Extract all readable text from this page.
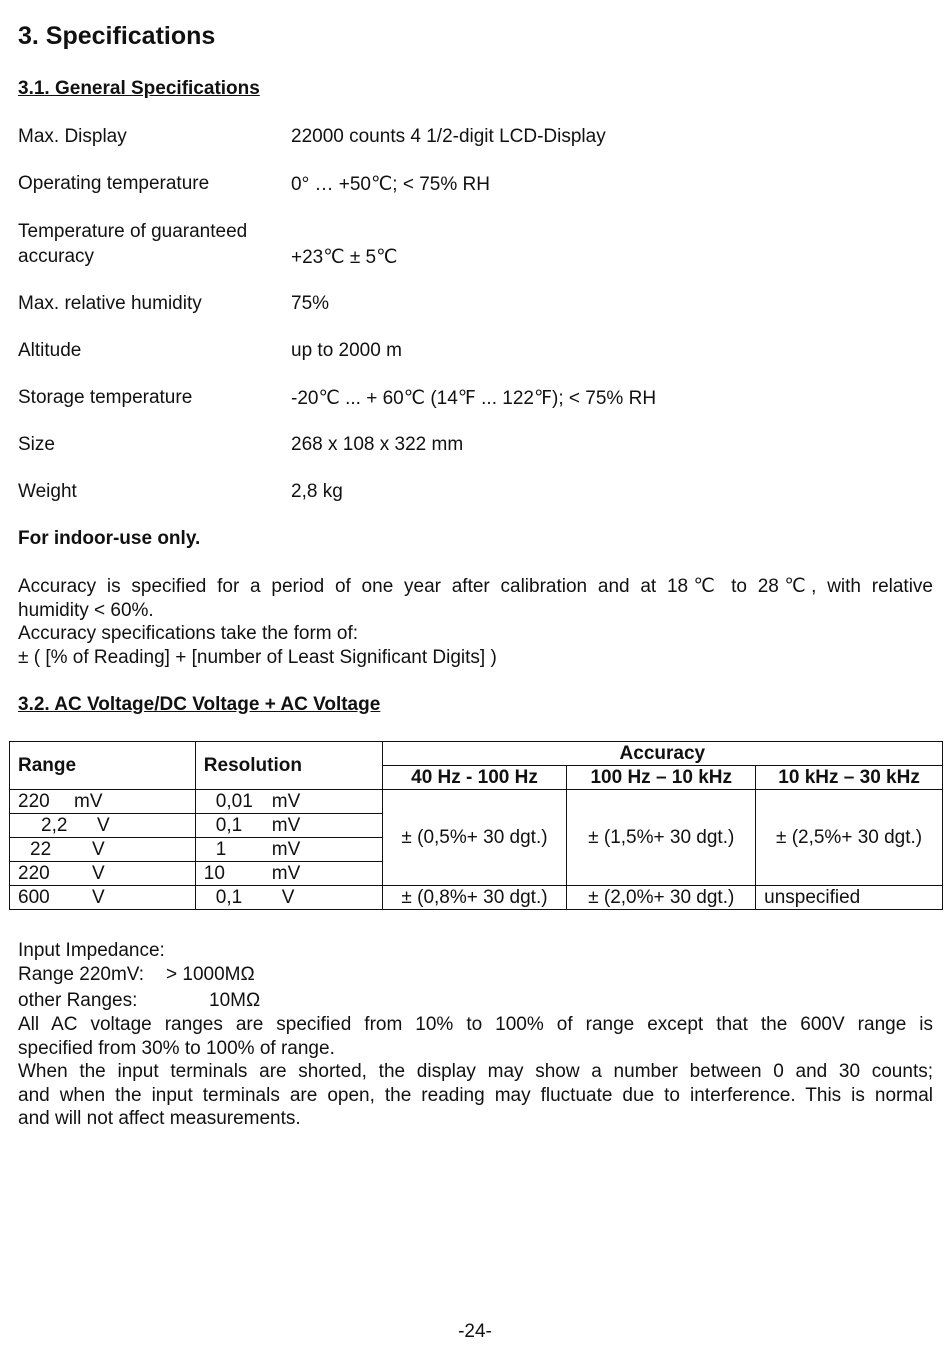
3. Specifications
3.1. General Specifications
Max. Display	22000 counts 4 1/2-digit LCD-Display
Operating temperature	0° … +50℃; < 75% RH
Temperature of guaranteed
accuracy	+23℃ ± 5℃
Max. relative humidity	75%
Altitude	up to 2000 m
Storage temperature	-20℃ ... + 60℃ (14℉ ... 122℉); < 75% RH
Size	268 x 108 x 322 mm
Weight	2,8 kg
For indoor-use only.
Accuracy is specified for a period of one year after calibration and at 18℃ to 28℃, with relative
humidity < 60%.
Accuracy specifications take the form of:
± ( [% of Reading] + [number of Least Significant Digits] )
3.2. AC Voltage/DC Voltage + AC Voltage
Range	Resolution	Accuracy		
		40 Hz - 100 Hz	100 Hz – 10 kHz	10 kHz – 30 kHz
220 mV	0,01 mV	± (0,5%+ 30 dgt.)	± (1,5%+ 30 dgt.)	± (2,5%+ 30 dgt.)
2,2 V	0,1 mV			
22 V	1 mV			
220 V	10 mV			
600 V	0,1 V	± (0,8%+ 30 dgt.)	± (2,0%+ 30 dgt.)	unspecified
Input Impedance:
Range 220mV: > 1000MΩ
other Ranges:	10MΩ
All AC voltage ranges are specified from 10% to 100% of range except that the 600V range is
specified from 30% to 100% of range.
When the input terminals are shorted, the display may show a number between 0 and 30 counts;
and when the input terminals are open, the reading may fluctuate due to interference. This is normal
and will not affect measurements.
-24-
